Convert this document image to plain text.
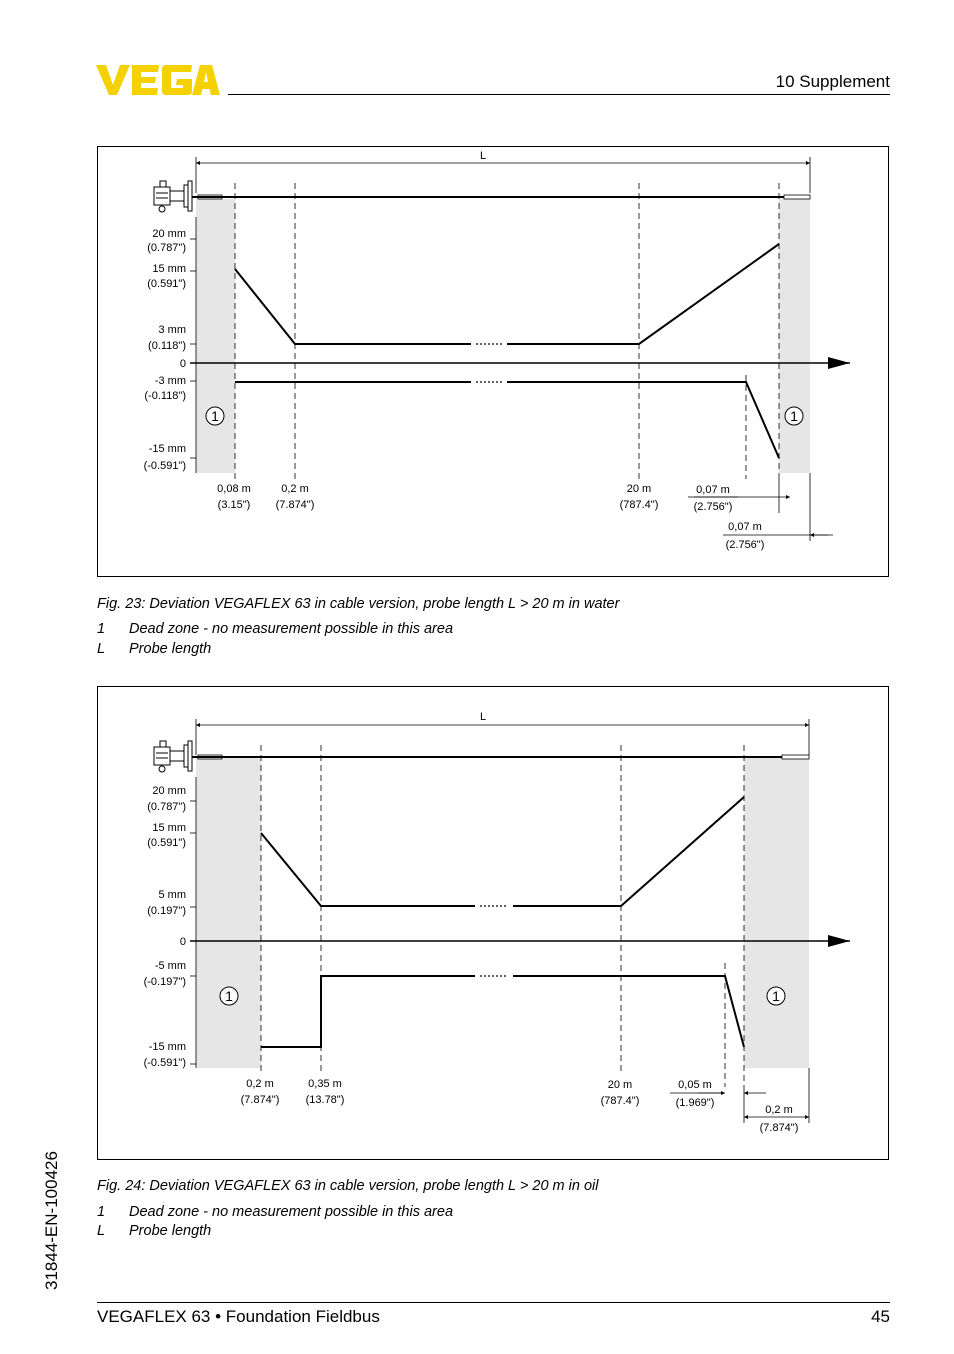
10 Supplement
L
20 mm
(0.787")
15 mm
(0.591")
3 mm
(0.118")
0
-3 mm
(-0.118")
-15 mm
(-0.591")
1	1
0,08 m
(3.15")
0,2 m
(7.874")
20 m
(787.4")
0,07 m
(2.756")
0,07 m
(2.756")
Fig. 23: Deviation VEGAFLEX 63 in cable version, probe length L > 20 m in water
1 Dead zone - no measurement possible in this area
L Probe length
L
20 mm
(0.787")
15 mm
(0.591")
5 mm
(0.197")
0
-5 mm
(-0.197")
-15 mm
(-0.591")
1	1
0,2 m
(7.874")
0,35 m
(13.78")
20 m
(787.4")
0,05 m
(1.969")
0,2 m
(7.874")
Fig. 24: Deviation VEGAFLEX 63 in cable version, probe length L > 20 m in oil
1 Dead zone - no measurement possible in this area
L Probe length
31844-EN-100426
VEGAFLEX 63 • Foundation Fieldbus	45
